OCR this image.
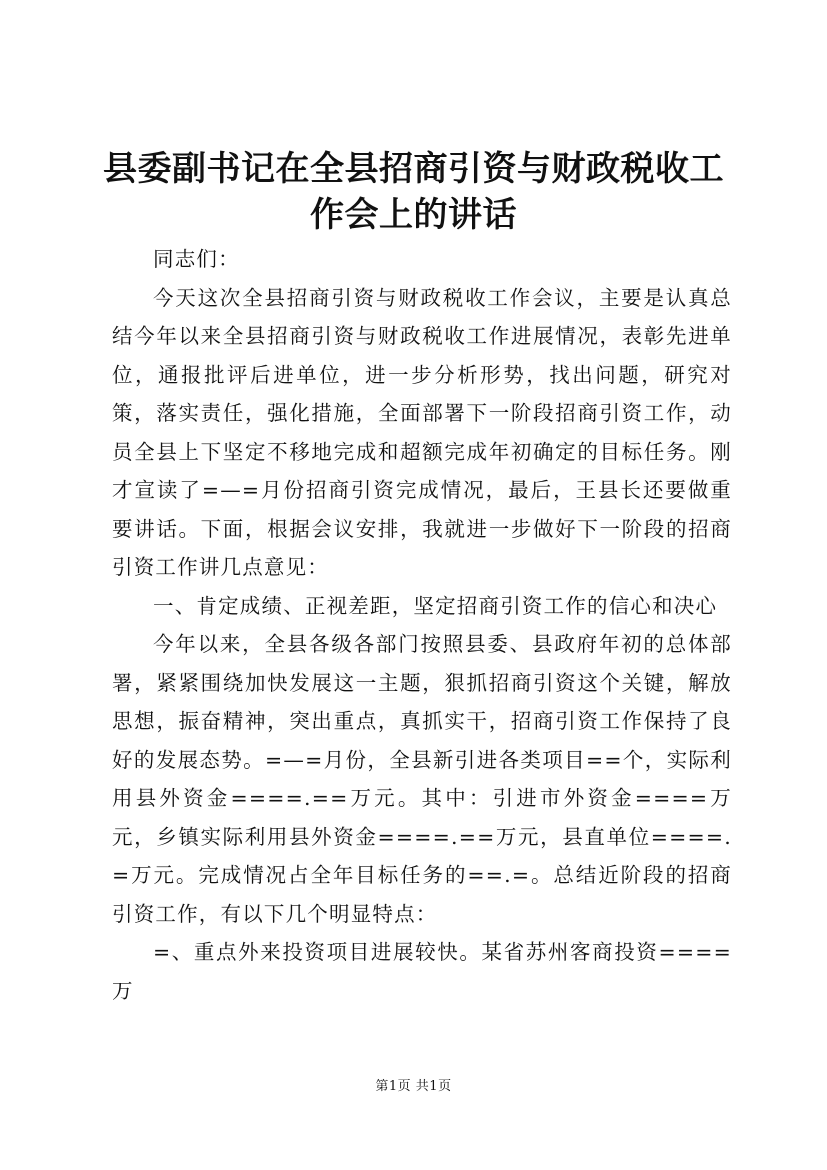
县委副书记在全县招商引资与财政税收工作会上的讲话

同志们：

今天这次全县招商引资与财政税收工作会议，主要是认真总结今年以来全县招商引资与财政税收工作进展情况，表彰先进单位，通报批评后进单位，进一步分析形势，找出问题，研究对策，落实责任，强化措施，全面部署下一阶段招商引资工作，动员全县上下坚定不移地完成和超额完成年初确定的目标任务。刚才宣读了=—=月份招商引资完成情况，最后，王县长还要做重要讲话。下面，根据会议安排，我就进一步做好下一阶段的招商引资工作讲几点意见：

一、肯定成绩、正视差距，坚定招商引资工作的信心和决心

今年以来，全县各级各部门按照县委、县政府年初的总体部署，紧紧围绕加快发展这一主题，狠抓招商引资这个关键，解放思想，振奋精神，突出重点，真抓实干，招商引资工作保持了良好的发展态势。=—=月份，全县新引进各类项目==个，实际利用县外资金====.==万元。其中：引进市外资金====万元，乡镇实际利用县外资金====.==万元，县直单位====.=万元。完成情况占全年目标任务的==.=。总结近阶段的招商引资工作，有以下几个明显特点：

=、重点外来投资项目进展较快。某省苏州客商投资====万

第1页 共1页
